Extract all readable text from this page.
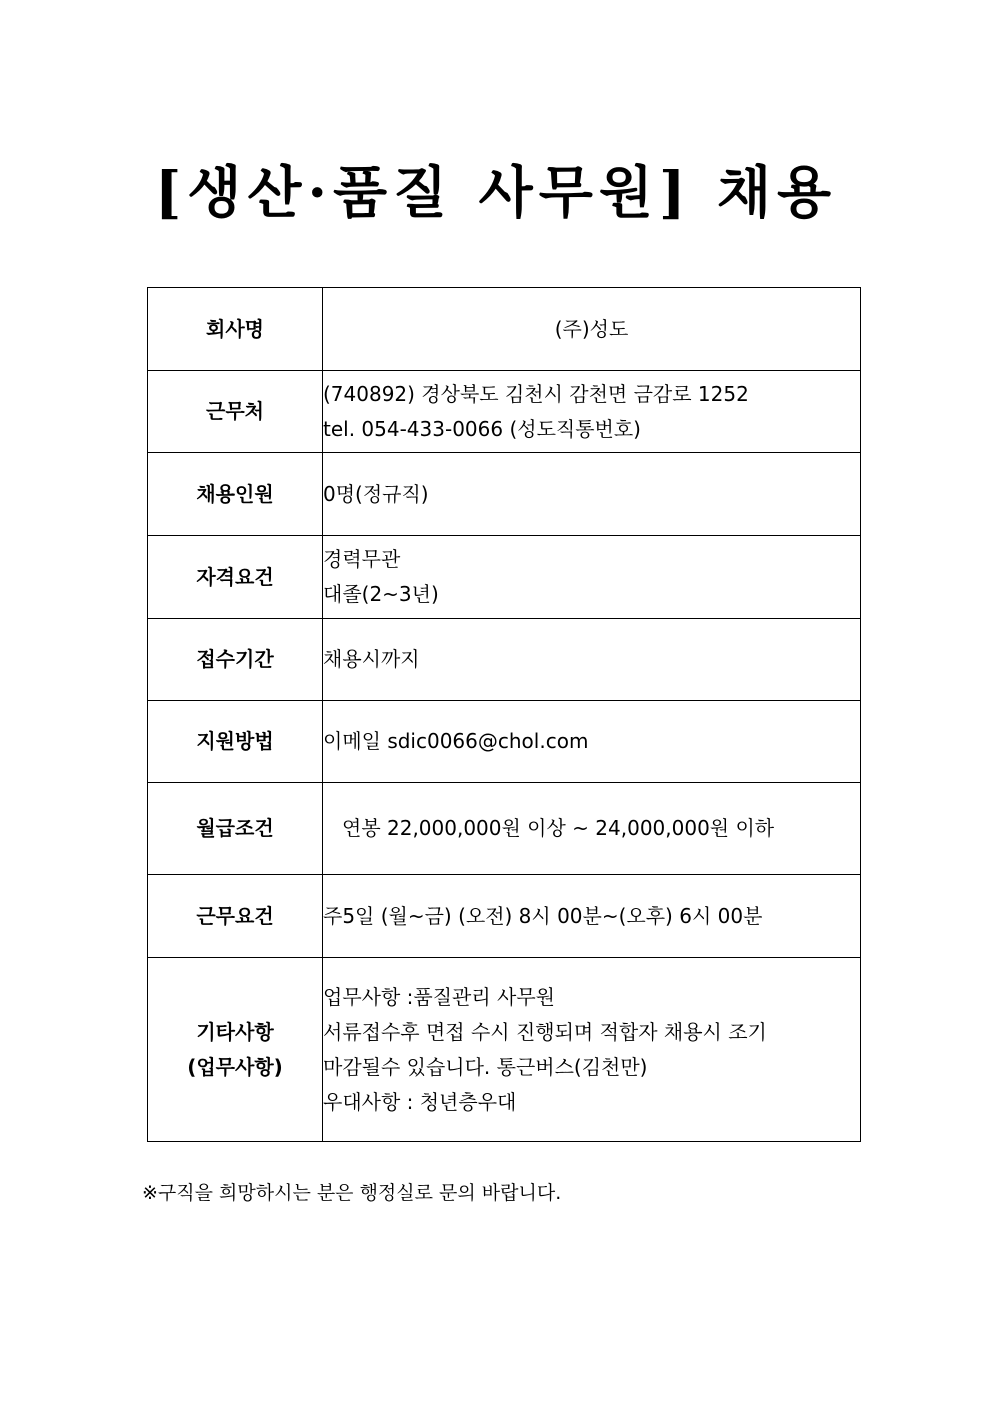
[생산·품질 사무원] 채용
회사명	(주)성도

근무처	(740892) 경상북도 김천시 감천면 금감로 1252
tel. 054-433-0066 (성도직통번호)

채용인원	0명(정규직)

자격요건	경력무관
대졸(2~3년)

접수기간	채용시까지

지원방법	이메일 sdic0066@chol.com

월급조건	연봉 22,000,000원 이상 ~ 24,000,000원 이하

근무요건	주5일 (월~금) (오전) 8시 00분~(오후) 6시 00분

기타사항
(업무사항)	업무사항 :품질관리 사무원
서류접수후 면접 수시 진행되며 적합자 채용시 조기
마감될수 있습니다. 통근버스(김천만)
우대사항 : 청년층우대
※구직을 희망하시는 분은 행정실로 문의 바랍니다.
